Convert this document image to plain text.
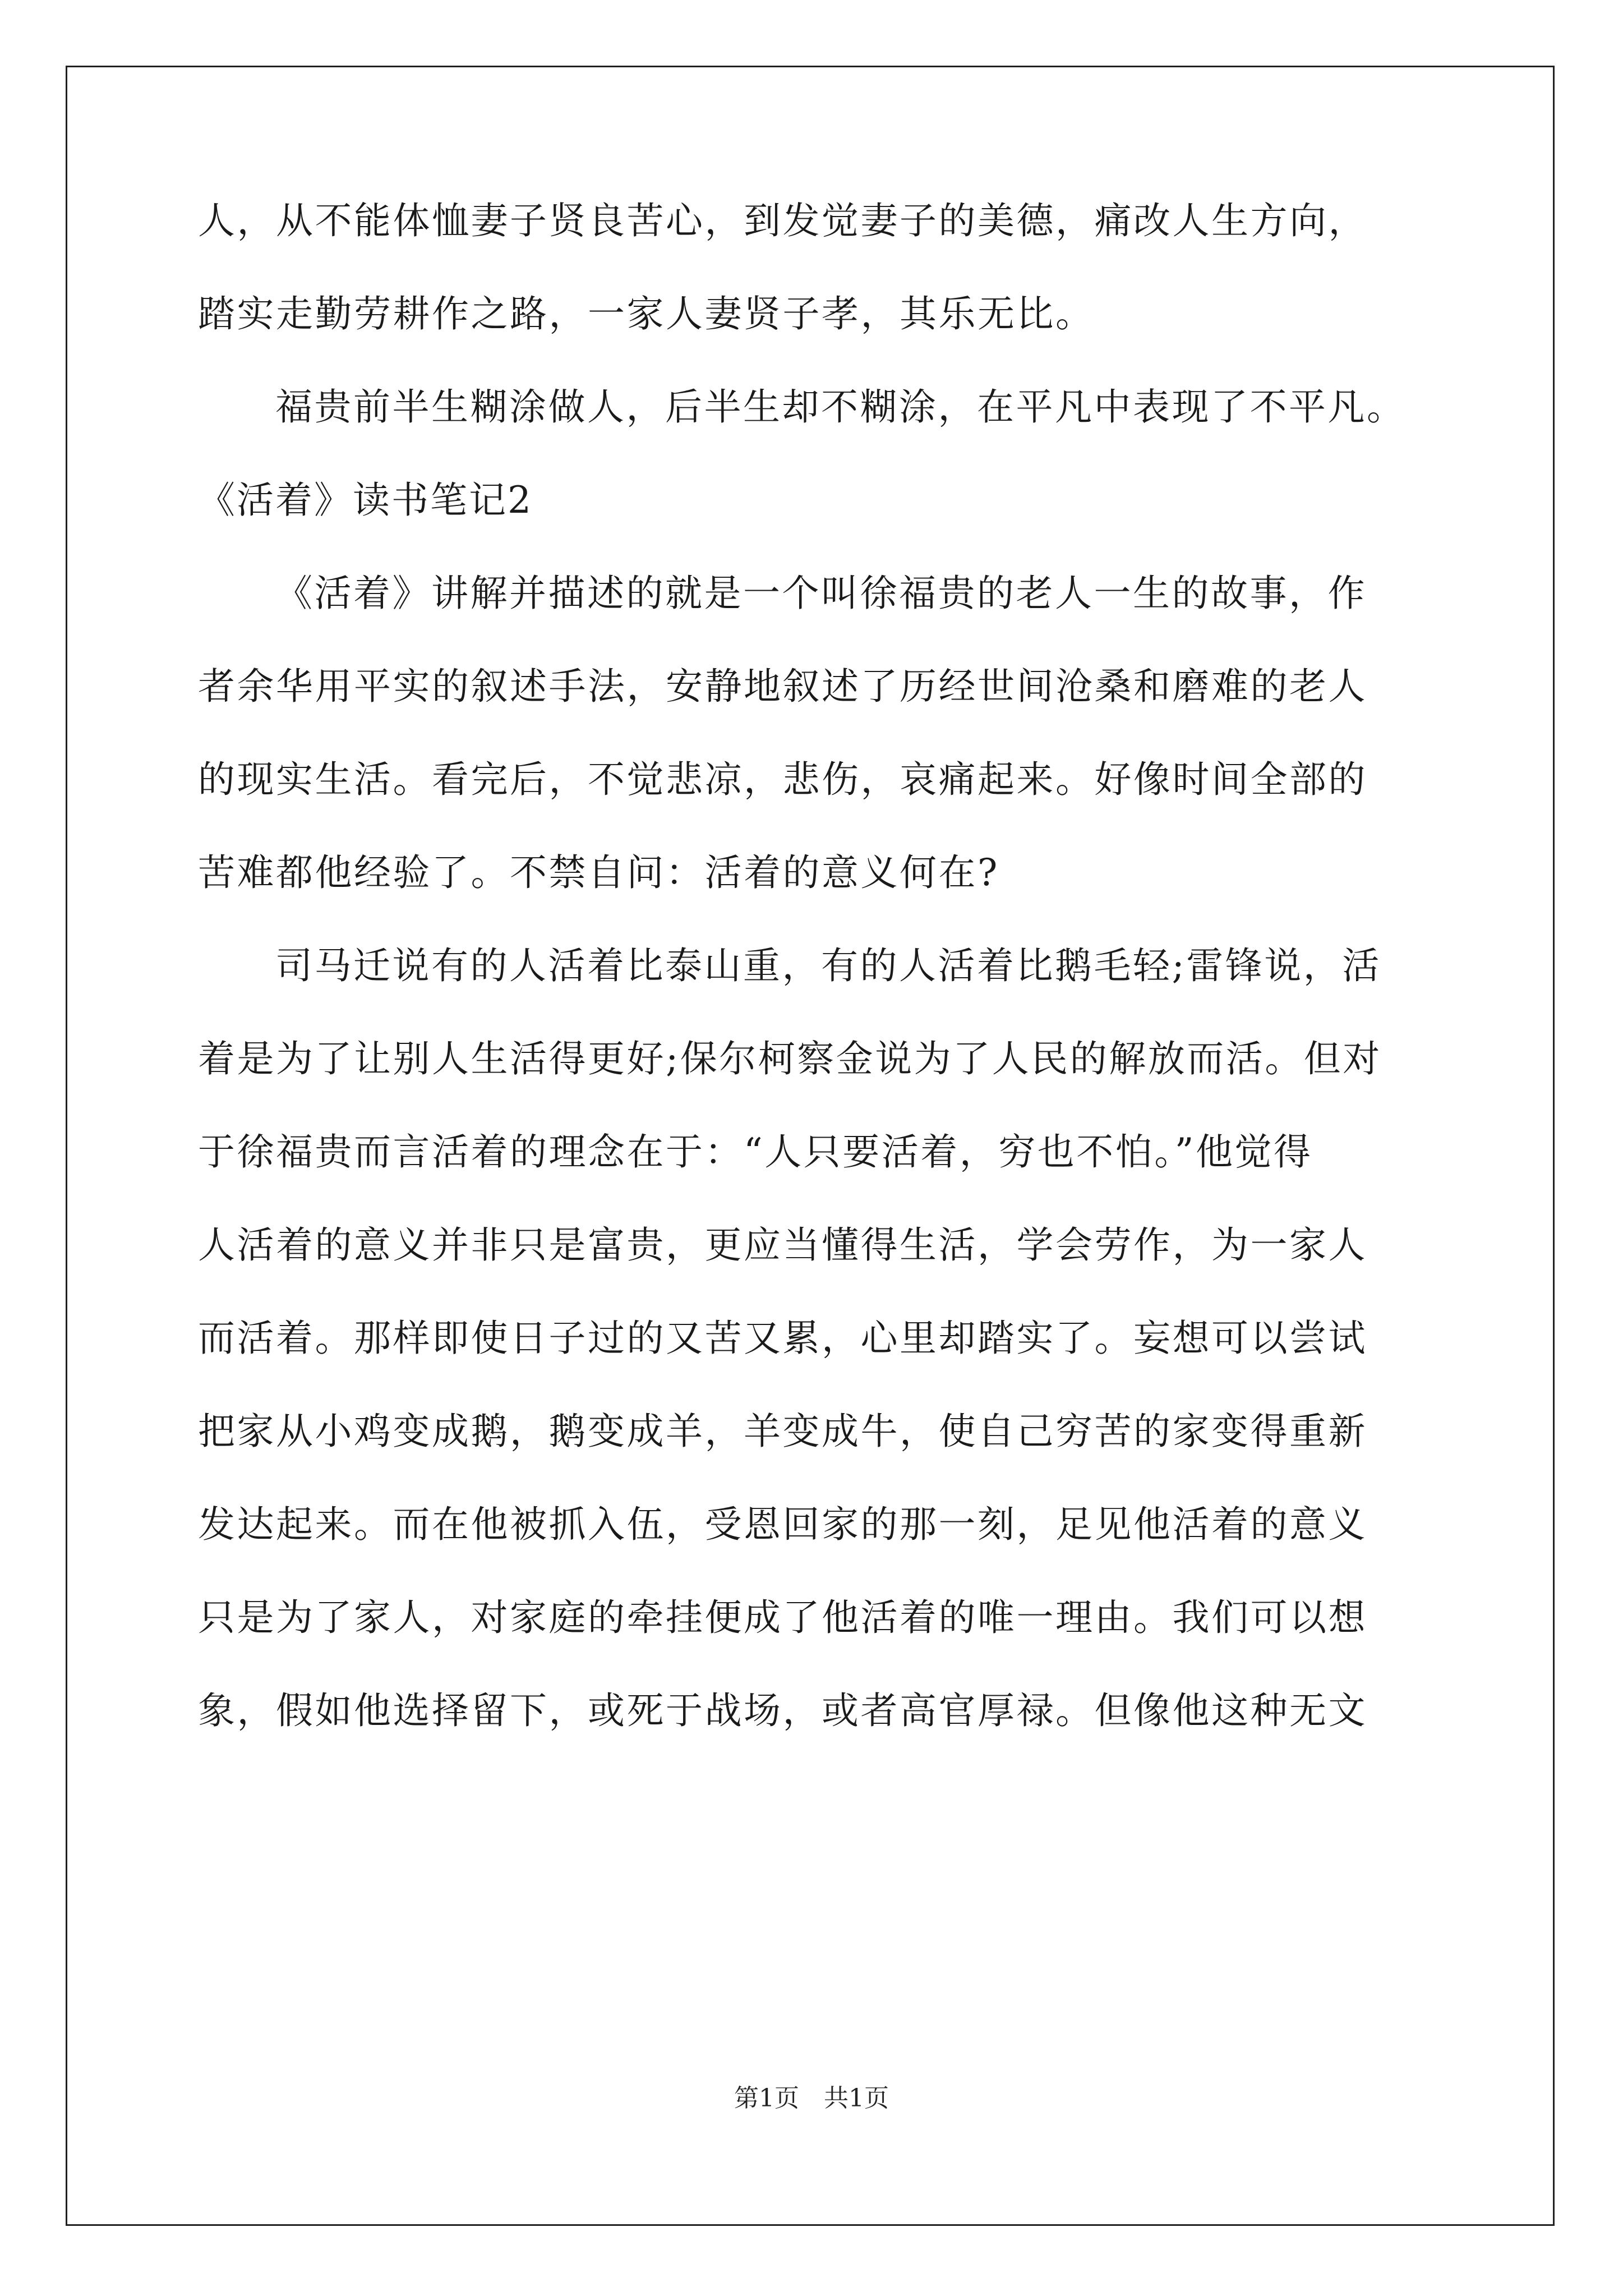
人，从不能体恤妻子贤良苦心，到发觉妻子的美德，痛改人生方向，

踏实走勤劳耕作之路，一家人妻贤子孝，其乐无比。

福贵前半生糊涂做人，后半生却不糊涂，在平凡中表现了不平凡。

《活着》读书笔记2

《活着》讲解并描述的就是一个叫徐福贵的老人一生的故事，作

者余华用平实的叙述手法，安静地叙述了历经世间沧桑和磨难的老人

的现实生活。看完后，不觉悲凉，悲伤，哀痛起来。好像时间全部的

苦难都他经验了。不禁自问：活着的意义何在?

司马迁说有的人活着比泰山重，有的人活着比鹅毛轻;雷锋说，活

着是为了让别人生活得更好;保尔柯察金说为了人民的解放而活。但对

于徐福贵而言活着的理念在于：“人只要活着，穷也不怕。”他觉得

人活着的意义并非只是富贵，更应当懂得生活，学会劳作，为一家人

而活着。那样即使日子过的又苦又累，心里却踏实了。妄想可以尝试

把家从小鸡变成鹅，鹅变成羊，羊变成牛，使自己穷苦的家变得重新

发达起来。而在他被抓入伍，受恩回家的那一刻，足见他活着的意义

只是为了家人，对家庭的牵挂便成了他活着的唯一理由。我们可以想

象，假如他选择留下，或死于战场，或者高官厚禄。但像他这种无文

第1页 共1页
